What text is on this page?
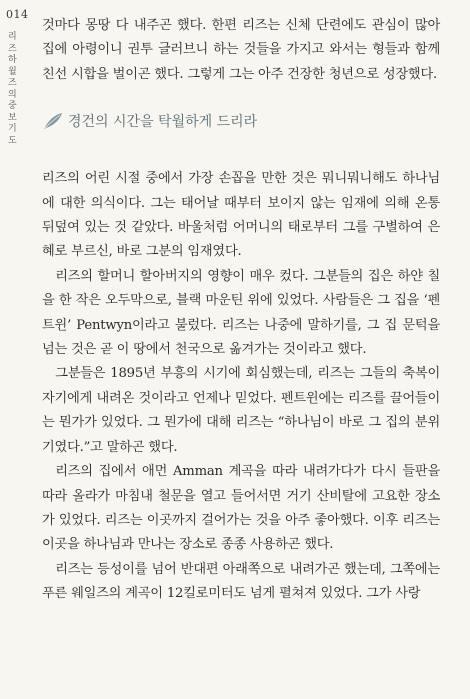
014
리즈 하윌즈의 중보기도

것마다 몽땅 다 내주곤 했다. 한편 리즈는 신체 단련에도 관심이 많아 집에 아령이니 권투 글러브니 하는 것들을 가지고 와서는 형들과 함께 친선 시합을 벌이곤 했다. 그렇게 그는 아주 건장한 청년으로 성장했다.

경건의 시간을 탁월하게 드리라

리즈의 어린 시절 중에서 가장 손꼽을 만한 것은 뭐니뭐니해도 하나님에 대한 의식이다. 그는 태어날 때부터 보이지 않는 임재에 의해 온통 뒤덮여 있는 것 같았다. 바울처럼 어머니의 태로부터 그를 구별하여 은혜로 부르신, 바로 그분의 임재였다.

리즈의 할머니 할아버지의 영향이 매우 컸다. 그분들의 집은 하얀 칠을 한 작은 오두막으로, 블랙 마운틴 위에 있었다. 사람들은 그 집을 ‘펜트윈’ Pentwyn이라고 불렀다. 리즈는 나중에 말하기를, 그 집 문턱을 넘는 것은 곧 이 땅에서 천국으로 옮겨가는 것이라고 했다.

그분들은 1895년 부흥의 시기에 회심했는데, 리즈는 그들의 축복이 자기에게 내려온 것이라고 언제나 믿었다. 펜트윈에는 리즈를 끌어들이는 뭔가가 있었다. 그 뭔가에 대해 리즈는 “하나님이 바로 그 집의 분위기였다.”고 말하곤 했다.

리즈의 집에서 애먼 Amman 계곡을 따라 내려가다가 다시 들판을 따라 올라가 마침내 철문을 열고 들어서면 거기 산비탈에 고요한 장소가 있었다. 리즈는 이곳까지 걸어가는 것을 아주 좋아했다. 이후 리즈는 이곳을 하나님과 만나는 장소로 종종 사용하곤 했다.

리즈는 등성이를 넘어 반대편 아래쪽으로 내려가곤 했는데, 그쪽에는 푸른 웨일즈의 계곡이 12킬로미터도 넘게 펼쳐져 있었다. 그가 사랑
